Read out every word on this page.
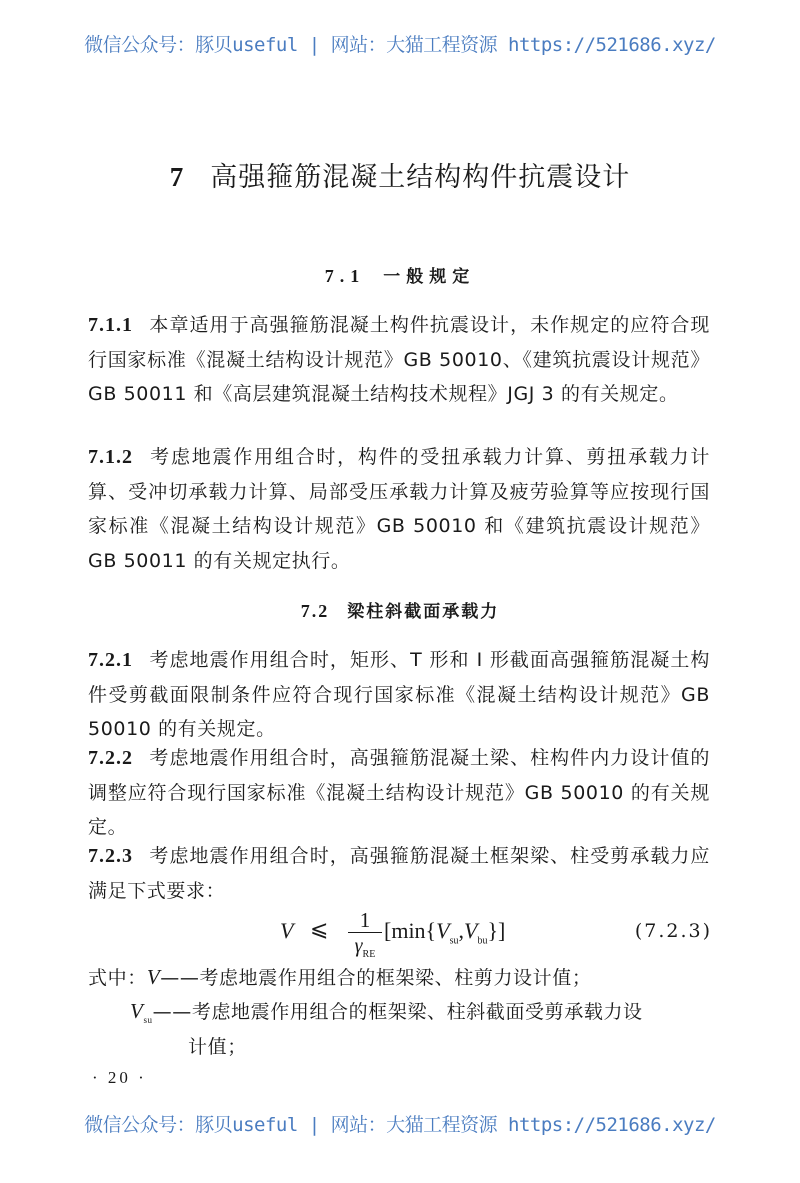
微信公众号：豚贝useful | 网站：大猫工程资源 https://521686.xyz/
7 高强箍筋混凝土结构构件抗震设计
7.1 一般规定
7.1.1 本章适用于高强箍筋混凝土构件抗震设计，未作规定的应符合现行国家标准《混凝土结构设计规范》GB 50010、《建筑抗震设计规范》GB 50011 和《高层建筑混凝土结构技术规程》JGJ 3 的有关规定。
7.1.2 考虑地震作用组合时，构件的受扭承载力计算、剪扭承载力计算、受冲切承载力计算、局部受压承载力计算及疲劳验算等应按现行国家标准《混凝土结构设计规范》GB 50010 和《建筑抗震设计规范》GB 50011 的有关规定执行。
7.2 梁柱斜截面承载力
7.2.1 考虑地震作用组合时，矩形、T 形和 I 形截面高强箍筋混凝土构件受剪截面限制条件应符合现行国家标准《混凝土结构设计规范》GB 50010 的有关规定。
7.2.2 考虑地震作用组合时，高强箍筋混凝土梁、柱构件内力设计值的调整应符合现行国家标准《混凝土结构设计规范》GB 50010 的有关规定。
7.2.3 考虑地震作用组合时，高强箍筋混凝土框架梁、柱受剪承载力应满足下式要求：
V ⩽	1
$\gamma_{RE}$
$[\min\{V_{su},V_{bu}\}]$	(7.2.3)
式中：V——考虑地震作用组合的框架梁、柱剪力设计值；
$V_{su}——$考虑地震作用组合的框架梁、柱斜截面受剪承载力设
计值；
· 20 ·
微信公众号：豚贝useful | 网站：大猫工程资源 https://521686.xyz/
